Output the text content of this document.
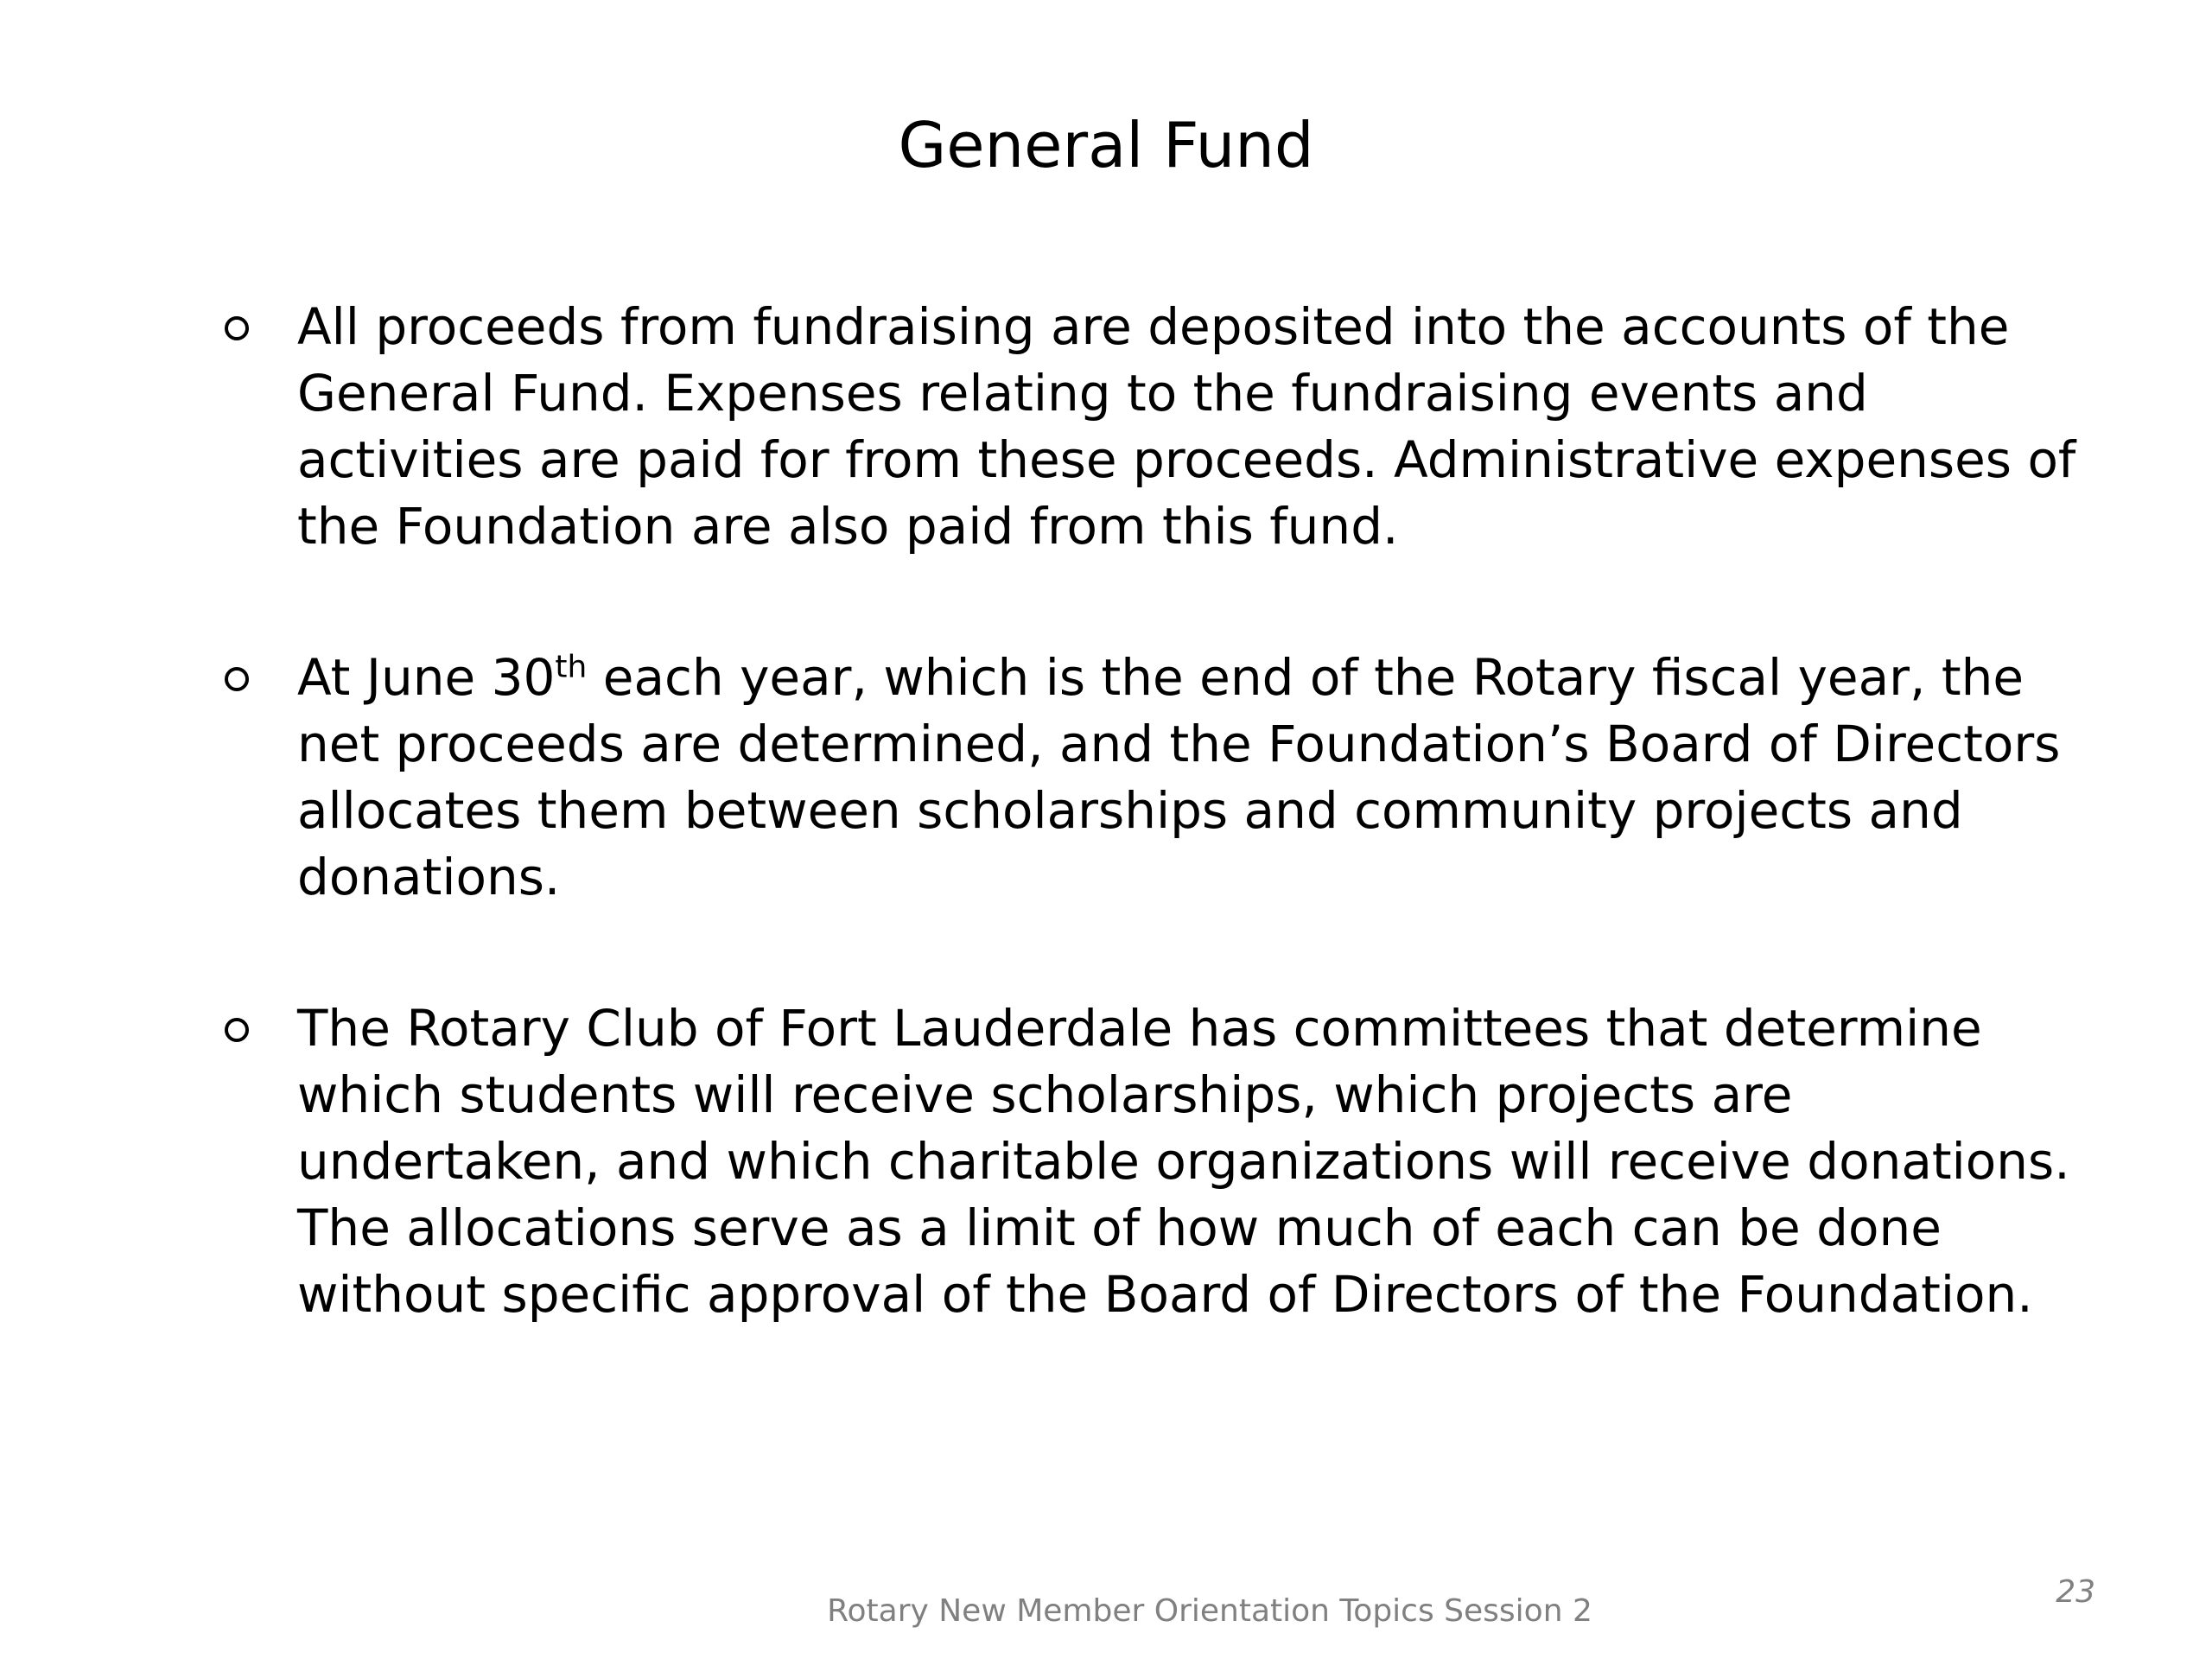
General Fund
All proceeds from fundraising are deposited into the accounts of the General Fund. Expenses relating to the fundraising events and activities are paid for from these proceeds. Administrative expenses of the Foundation are also paid from this fund.
At June 30th each year, which is the end of the Rotary fiscal year, the net proceeds are determined, and the Foundation’s Board of Directors allocates them between scholarships and community projects and donations.
The Rotary Club of Fort Lauderdale has committees that determine which students will receive scholarships, which projects are undertaken, and which charitable organizations will receive donations. The allocations serve as a limit of how much of each can be done without specific approval of the Board of Directors of the Foundation.
Rotary New Member Orientation Topics Session 2
23
